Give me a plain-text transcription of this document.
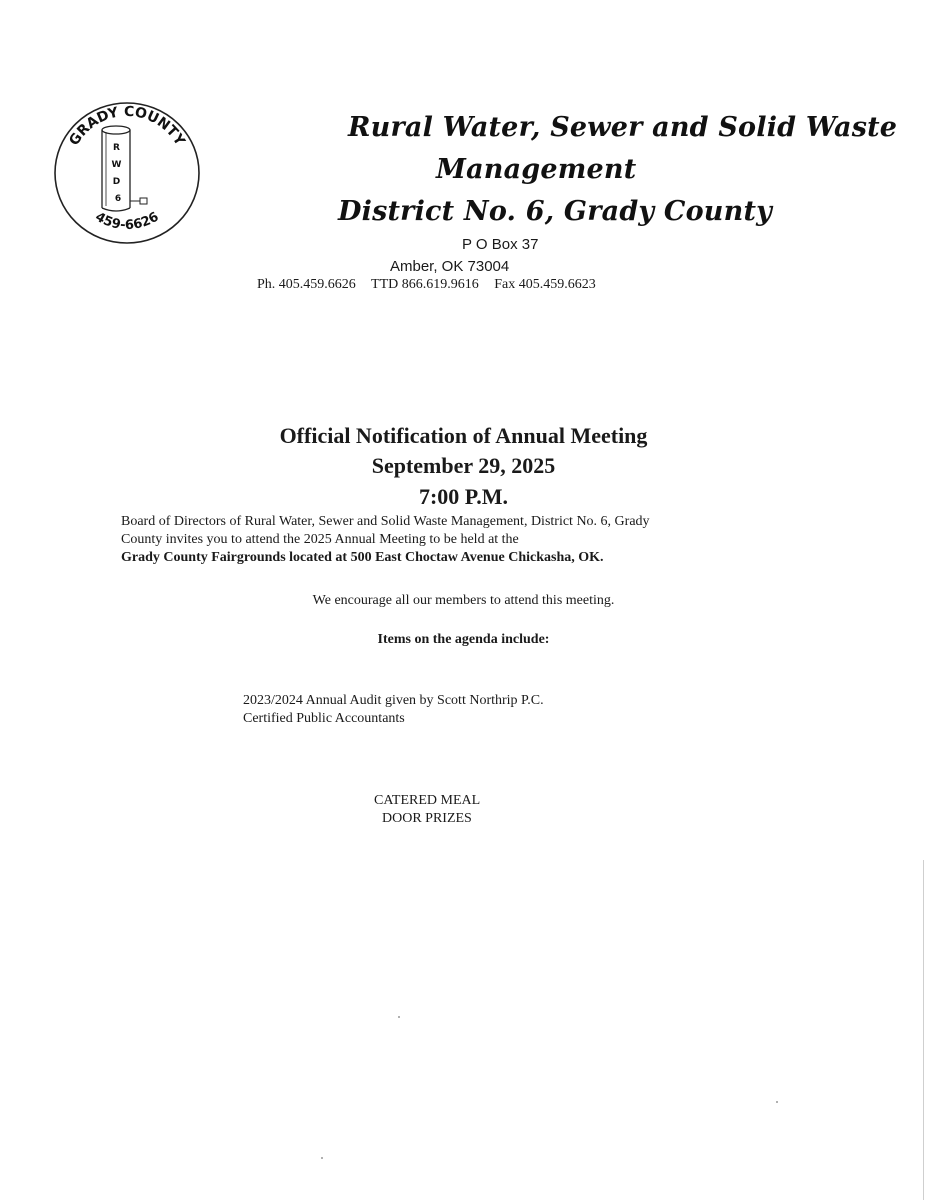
GRADY COUNTY
459-6626
R W D 6
Rural Water, Sewer and Solid Waste
Management
District No. 6, Grady County
P O Box 37
Amber, OK 73004
Ph. 405.459.6626 TTD 866.619.9616 Fax 405.459.6623
Official Notification of Annual Meeting
September 29, 2025
7:00 P.M.
Board of Directors of Rural Water, Sewer and Solid Waste Management, District No. 6, Grady
County invites you to attend the 2025 Annual Meeting to be held at the
Grady County Fairgrounds located at 500 East Choctaw Avenue Chickasha, OK.
We encourage all our members to attend this meeting.
Items on the agenda include:
2023/2024 Annual Audit given by Scott Northrip P.C.
Certified Public Accountants
CATERED MEAL
DOOR PRIZES
